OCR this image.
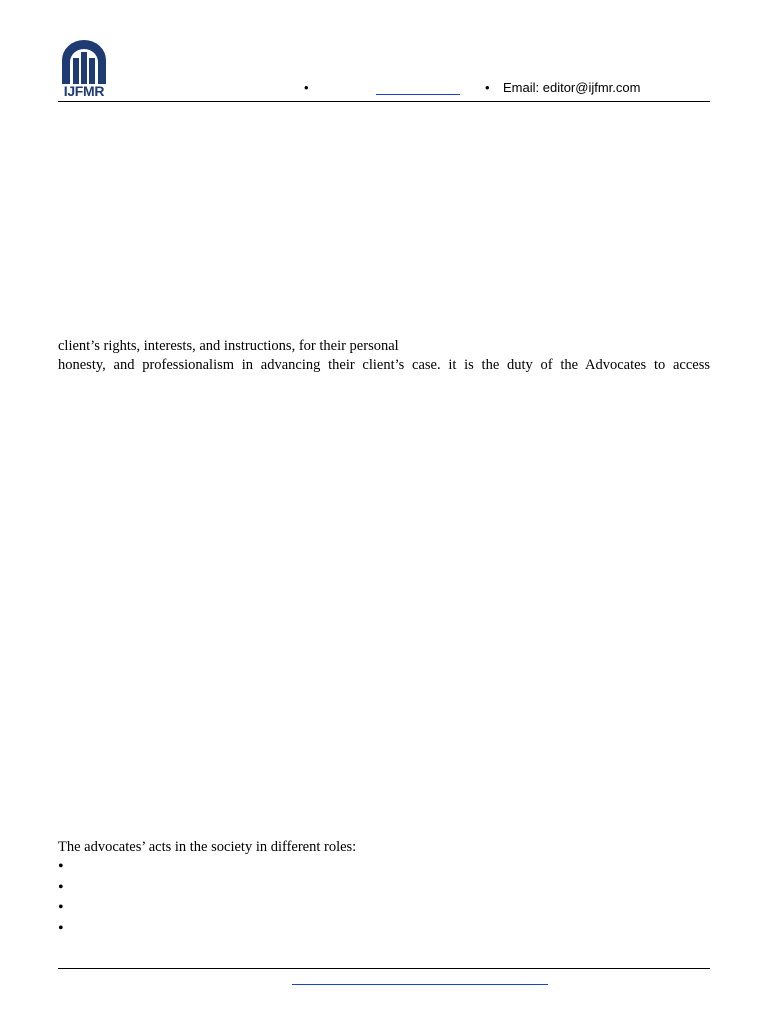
IJFMR	•	• Email: editor@ijfmr.com
client’s rights, interests, and instructions, for their personal
honesty, and professionalism in advancing their client’s case. it is the duty of the Advocates to access
The advocates’ acts in the society in different roles:
